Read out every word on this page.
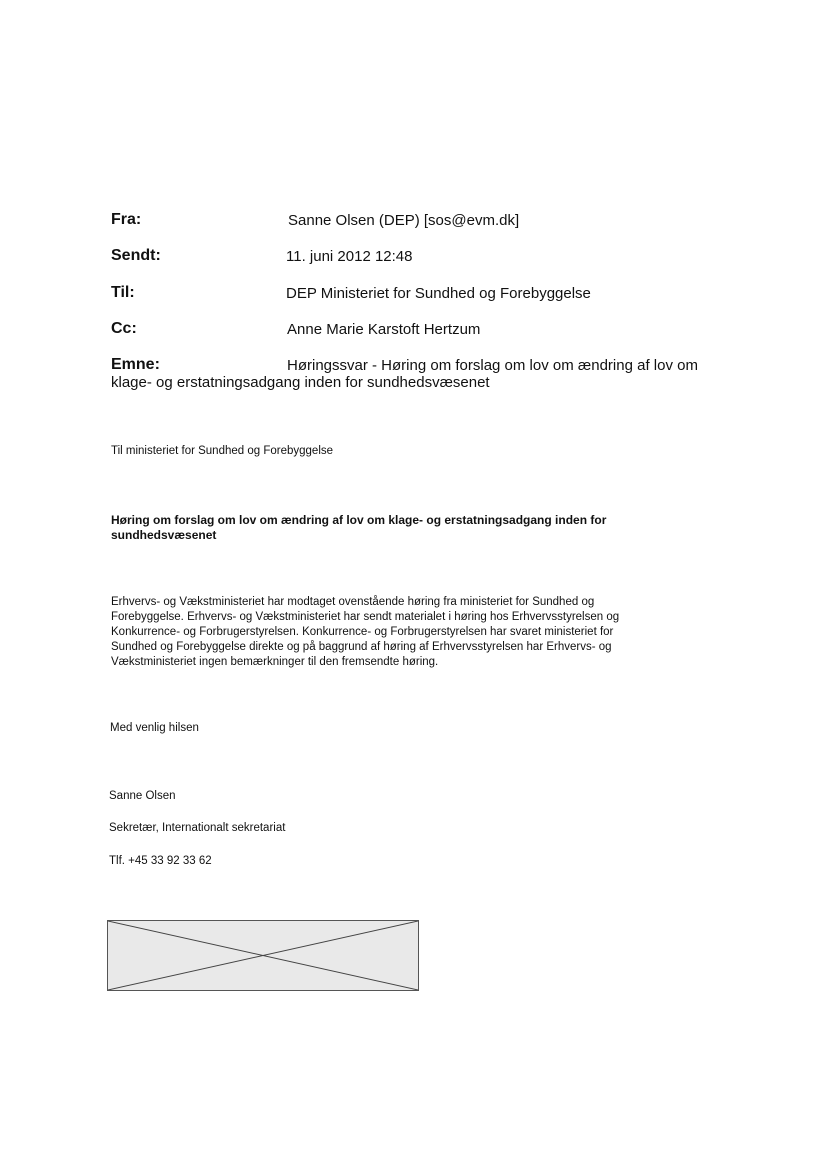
Fra:	Sanne Olsen (DEP) [sos@evm.dk]
Sendt:	11. juni 2012 12:48
Til:	DEP Ministeriet for Sundhed og Forebyggelse
Cc:	Anne Marie Karstoft Hertzum
Emne:	Høringssvar - Høring om forslag om lov om ændring af lov om
klage- og erstatningsadgang inden for sundhedsvæsenet
Til ministeriet for Sundhed og Forebyggelse
Høring om forslag om lov om ændring af lov om klage- og erstatningsadgang inden for
sundhedsvæsenet
Erhvervs- og Vækstministeriet har modtaget ovenstående høring fra ministeriet for Sundhed og
Forebyggelse. Erhvervs- og Vækstministeriet har sendt materialet i høring hos Erhvervsstyrelsen og
Konkurrence- og Forbrugerstyrelsen. Konkurrence- og Forbrugerstyrelsen har svaret ministeriet for
Sundhed og Forebyggelse direkte og på baggrund af høring af Erhvervsstyrelsen har Erhvervs- og
Vækstministeriet ingen bemærkninger til den fremsendte høring.
Med venlig hilsen
Sanne Olsen
Sekretær, Internationalt sekretariat
Tlf. +45 33 92 33 62
